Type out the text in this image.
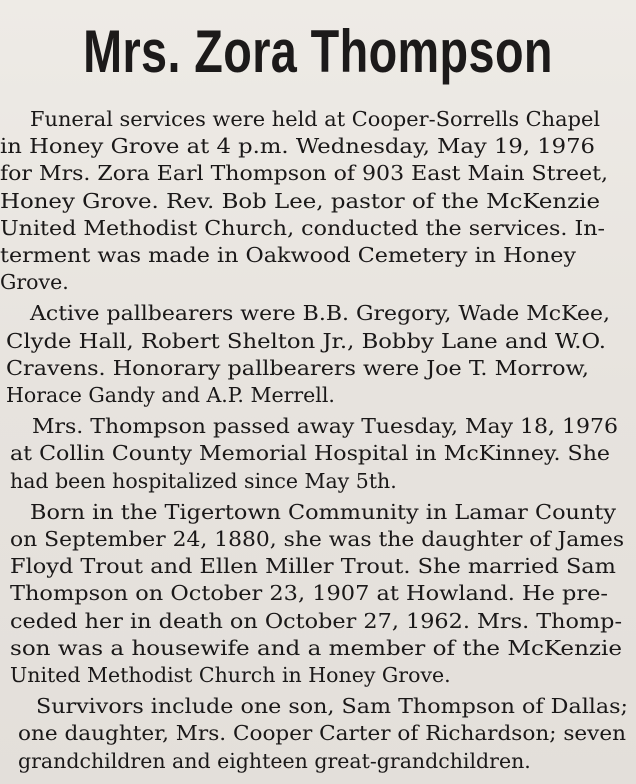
Mrs. Zora Thompson
Funeral services were held at Cooper-Sorrells Chapel
in Honey Grove at 4 p.m. Wednesday, May 19, 1976
for Mrs. Zora Earl Thompson of 903 East Main Street,
Honey Grove. Rev. Bob Lee, pastor of the McKenzie
United Methodist Church, conducted the services. In-
terment was made in Oakwood Cemetery in Honey
Grove.
Active pallbearers were B.B. Gregory, Wade McKee,
Clyde Hall, Robert Shelton Jr., Bobby Lane and W.O.
Cravens. Honorary pallbearers were Joe T. Morrow,
Horace Gandy and A.P. Merrell.
Mrs. Thompson passed away Tuesday, May 18, 1976
at Collin County Memorial Hospital in McKinney. She
had been hospitalized since May 5th.
Born in the Tigertown Community in Lamar County
on September 24, 1880, she was the daughter of James
Floyd Trout and Ellen Miller Trout. She married Sam
Thompson on October 23, 1907 at Howland. He pre-
ceded her in death on October 27, 1962. Mrs. Thomp-
son was a housewife and a member of the McKenzie
United Methodist Church in Honey Grove.
Survivors include one son, Sam Thompson of Dallas;
one daughter, Mrs. Cooper Carter of Richardson; seven
grandchildren and eighteen great-grandchildren.
